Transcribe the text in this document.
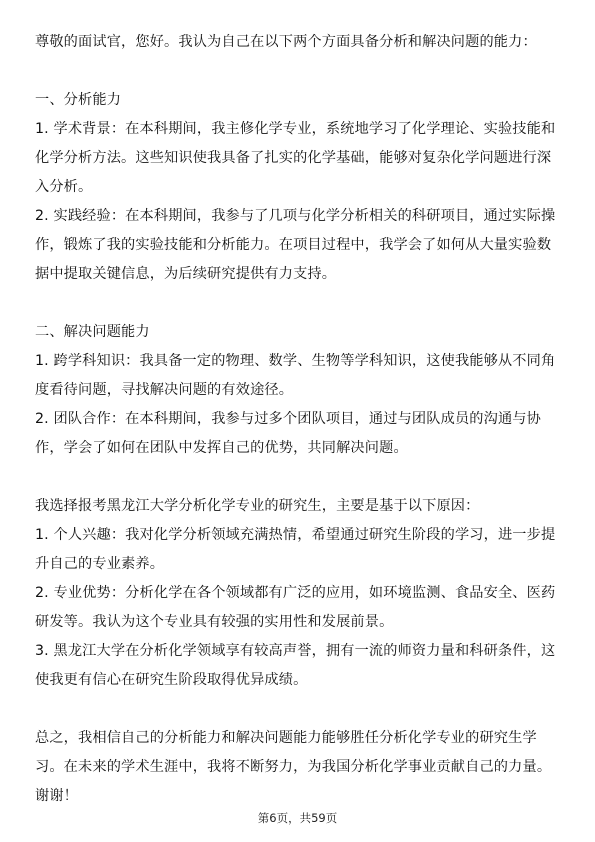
尊敬的面试官，您好。我认为自己在以下两个方面具备分析和解决问题的能力：

一、分析能力

1. 学术背景：在本科期间，我主修化学专业，系统地学习了化学理论、实验技能和化学分析方法。这些知识使我具备了扎实的化学基础，能够对复杂化学问题进行深入分析。

2. 实践经验：在本科期间，我参与了几项与化学分析相关的科研项目，通过实际操作，锻炼了我的实验技能和分析能力。在项目过程中，我学会了如何从大量实验数据中提取关键信息，为后续研究提供有力支持。

二、解决问题能力

1. 跨学科知识：我具备一定的物理、数学、生物等学科知识，这使我能够从不同角度看待问题，寻找解决问题的有效途径。

2. 团队合作：在本科期间，我参与过多个团队项目，通过与团队成员的沟通与协作，学会了如何在团队中发挥自己的优势，共同解决问题。

我选择报考黑龙江大学分析化学专业的研究生，主要是基于以下原因：

1. 个人兴趣：我对化学分析领域充满热情，希望通过研究生阶段的学习，进一步提升自己的专业素养。

2. 专业优势：分析化学在各个领域都有广泛的应用，如环境监测、食品安全、医药研发等。我认为这个专业具有较强的实用性和发展前景。

3. 黑龙江大学在分析化学领域享有较高声誉，拥有一流的师资力量和科研条件，这使我更有信心在研究生阶段取得优异成绩。

总之，我相信自己的分析能力和解决问题能力能够胜任分析化学专业的研究生学习。在未来的学术生涯中，我将不断努力，为我国分析化学事业贡献自己的力量。谢谢！

第6页，共59页
